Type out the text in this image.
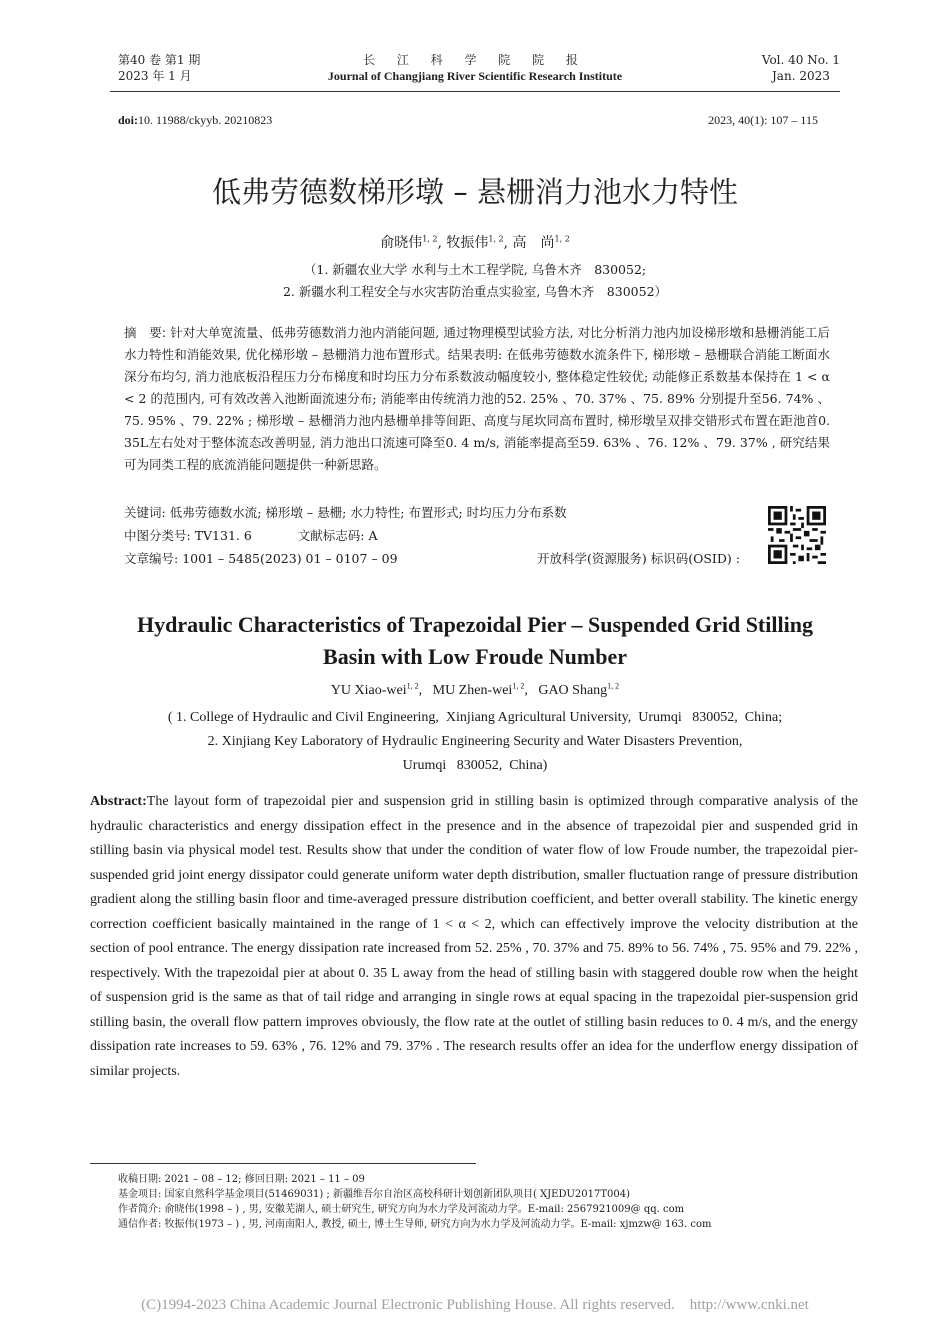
第40 卷 第1 期
2023 年 1 月
长 江 科 学 院 院 报
Journal of Changjiang River Scientific Research Institute
Vol. 40 No. 1
Jan. 2023
doi:10. 11988/ckyyb. 20210823	2023, 40(1): 107 – 115
低弗劳德数梯形墩 – 悬栅消力池水力特性
俞晓伟$^{1, 2}$, 牧振伟$^{1, 2}$, 高　尚$^{1, 2}$
（1. 新疆农业大学 水利与土木工程学院, 乌鲁木齐　830052;
2. 新疆水利工程安全与水灾害防治重点实验室, 乌鲁木齐　830052）
摘　要: 针对大单宽流量、低弗劳德数消力池内消能问题, 通过物理模型试验方法, 对比分析消力池内加设梯形墩和悬栅消能工后水力特性和消能效果, 优化梯形墩 – 悬栅消力池布置形式。结果表明: 在低弗劳德数水流条件下, 梯形墩 – 悬栅联合消能工断面水深分布均匀, 消力池底板沿程压力分布梯度和时均压力分布系数波动幅度较小, 整体稳定性较优; 动能修正系数基本保持在 1 < α < 2 的范围内, 可有效改善入池断面流速分布; 消能率由传统消力池的52. 25% 、70. 37% 、75. 89% 分别提升至56. 74% 、75. 95% 、79. 22% ; 梯形墩 – 悬栅消力池内悬栅单排等间距、高度与尾坎同高布置时, 梯形墩呈双排交错形式布置在距池首0. 35L左右处对于整体流态改善明显, 消力池出口流速可降至0. 4 m/s, 消能率提高至59. 63% 、76. 12% 、79. 37% , 研究结果可为同类工程的底流消能问题提供一种新思路。
关键词: 低弗劳德数水流; 梯形墩 – 悬栅; 水力特性; 布置形式; 时均压力分布系数
中图分类号: TV131. 6	文献标志码: A
文章编号: 1001 – 5485(2023) 01 – 0107 – 09	开放科学(资源服务) 标识码(OSID) :
Hydraulic Characteristics of Trapezoidal Pier – Suspended Grid Stilling
Basin with Low Froude Number
YU Xiao-wei$^{1, 2}$,   MU Zhen-wei$^{1, 2}$,   GAO Shang$^{1, 2}$
( 1. College of Hydraulic and Civil Engineering,  Xinjiang Agricultural University,  Urumqi   830052,  China;
2. Xinjiang Key Laboratory of Hydraulic Engineering Security and Water Disasters Prevention,
Urumqi   830052,  China)
Abstract:The layout form of trapezoidal pier and suspension grid in stilling basin is optimized through comparative analysis of the hydraulic characteristics and energy dissipation effect in the presence and in the absence of trapezoidal pier and suspended grid in stilling basin via physical model test. Results show that under the condition of water flow of low Froude number, the trapezoidal pier-suspended grid joint energy dissipator could generate uniform water depth distribution, smaller fluctuation range of pressure distribution gradient along the stilling basin floor and time-averaged pressure distribution coefficient, and better overall stability. The kinetic energy correction coefficient basically maintained in the range of 1 < α < 2, which can effectively improve the velocity distribution at the section of pool entrance. The energy dissipation rate increased from 52. 25% , 70. 37% and 75. 89% to 56. 74% , 75. 95% and 79. 22% , respectively. With the trapezoidal pier at about 0. 35 L away from the head of stilling basin with staggered double row when the height of suspension grid is the same as that of tail ridge and arranging in single rows at equal spacing in the trapezoidal pier-suspension grid stilling basin, the overall flow pattern improves obviously, the flow rate at the outlet of stilling basin reduces to 0. 4 m/s, and the energy dissipation rate increases to 59. 63% , 76. 12% and 79. 37% . The research results offer an idea for the underflow energy dissipation of similar projects.
收稿日期: 2021 – 08 – 12; 修回日期: 2021 – 11 – 09
基金项目: 国家自然科学基金项目(51469031) ; 新疆维吾尔自治区高校科研计划创新团队项目( XJEDU2017T004)
作者简介: 俞晓伟(1998 – ) , 男, 安徽芜湖人, 硕士研究生, 研究方向为水力学及河流动力学。E-mail: 2567921009@ qq. com
通信作者: 牧振伟(1973 – ) , 男, 河南南阳人, 教授, 硕士, 博士生导师, 研究方向为水力学及河流动力学。E-mail: xjmzw@ 163. com
(C)1994-2023 China Academic Journal Electronic Publishing House. All rights reserved.    http://www.cnki.net
